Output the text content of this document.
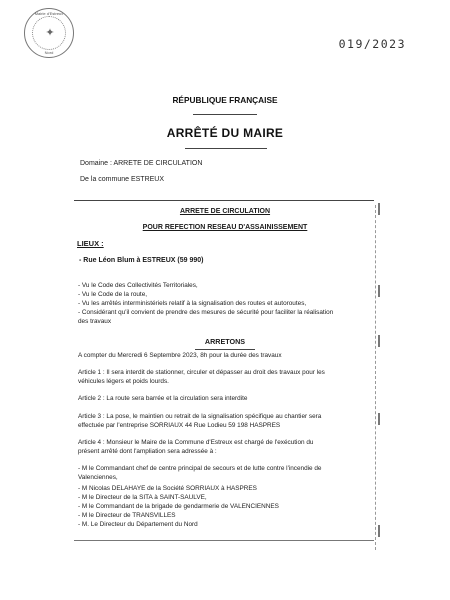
Mairie d'Estreux
✦
Nord
019/2023
RÉPUBLIQUE FRANÇAISE
ARRÊTÉ DU MAIRE
Domaine : ARRETE DE CIRCULATION
De la commune ESTREUX
ARRETE DE CIRCULATION
POUR REFECTION RESEAU D'ASSAINISSEMENT
LIEUX :
- Rue Léon Blum à ESTREUX (59 990)
- Vu le Code des Collectivités Territoriales,
- Vu le Code de la route,
- Vu les arrêtés interministériels relatif à la signalisation des routes et autoroutes,
- Considérant qu'il convient de prendre des mesures de sécurité pour faciliter la réalisation
des travaux
ARRETONS
A compter du Mercredi 6 Septembre 2023, 8h pour la durée des travaux
Article 1 : Il sera interdit de stationner, circuler et dépasser au droit des travaux pour les
véhicules légers et poids lourds.
Article 2 : La route sera barrée et la circulation sera interdite
Article 3 : La pose, le maintien ou retrait de la signalisation spécifique au chantier sera
effectuée par l'entreprise SORRIAUX 44 Rue Lodieu 59 198 HASPRES
Article 4 : Monsieur le Maire de la Commune d'Estreux est chargé de l'exécution du
présent arrêté dont l'ampliation sera adressée à :
- M le Commandant chef de centre principal de secours et de lutte contre l'incendie de
Valenciennes,
- M Nicolas DELAHAYE de la Société SORRIAUX à HASPRES
- M le Directeur de la SITA à SAINT-SAULVE,
- M le Commandant de la brigade de gendarmerie de VALENCIENNES
- M le Directeur de TRANSVILLES
- M. Le Directeur du Département du Nord
